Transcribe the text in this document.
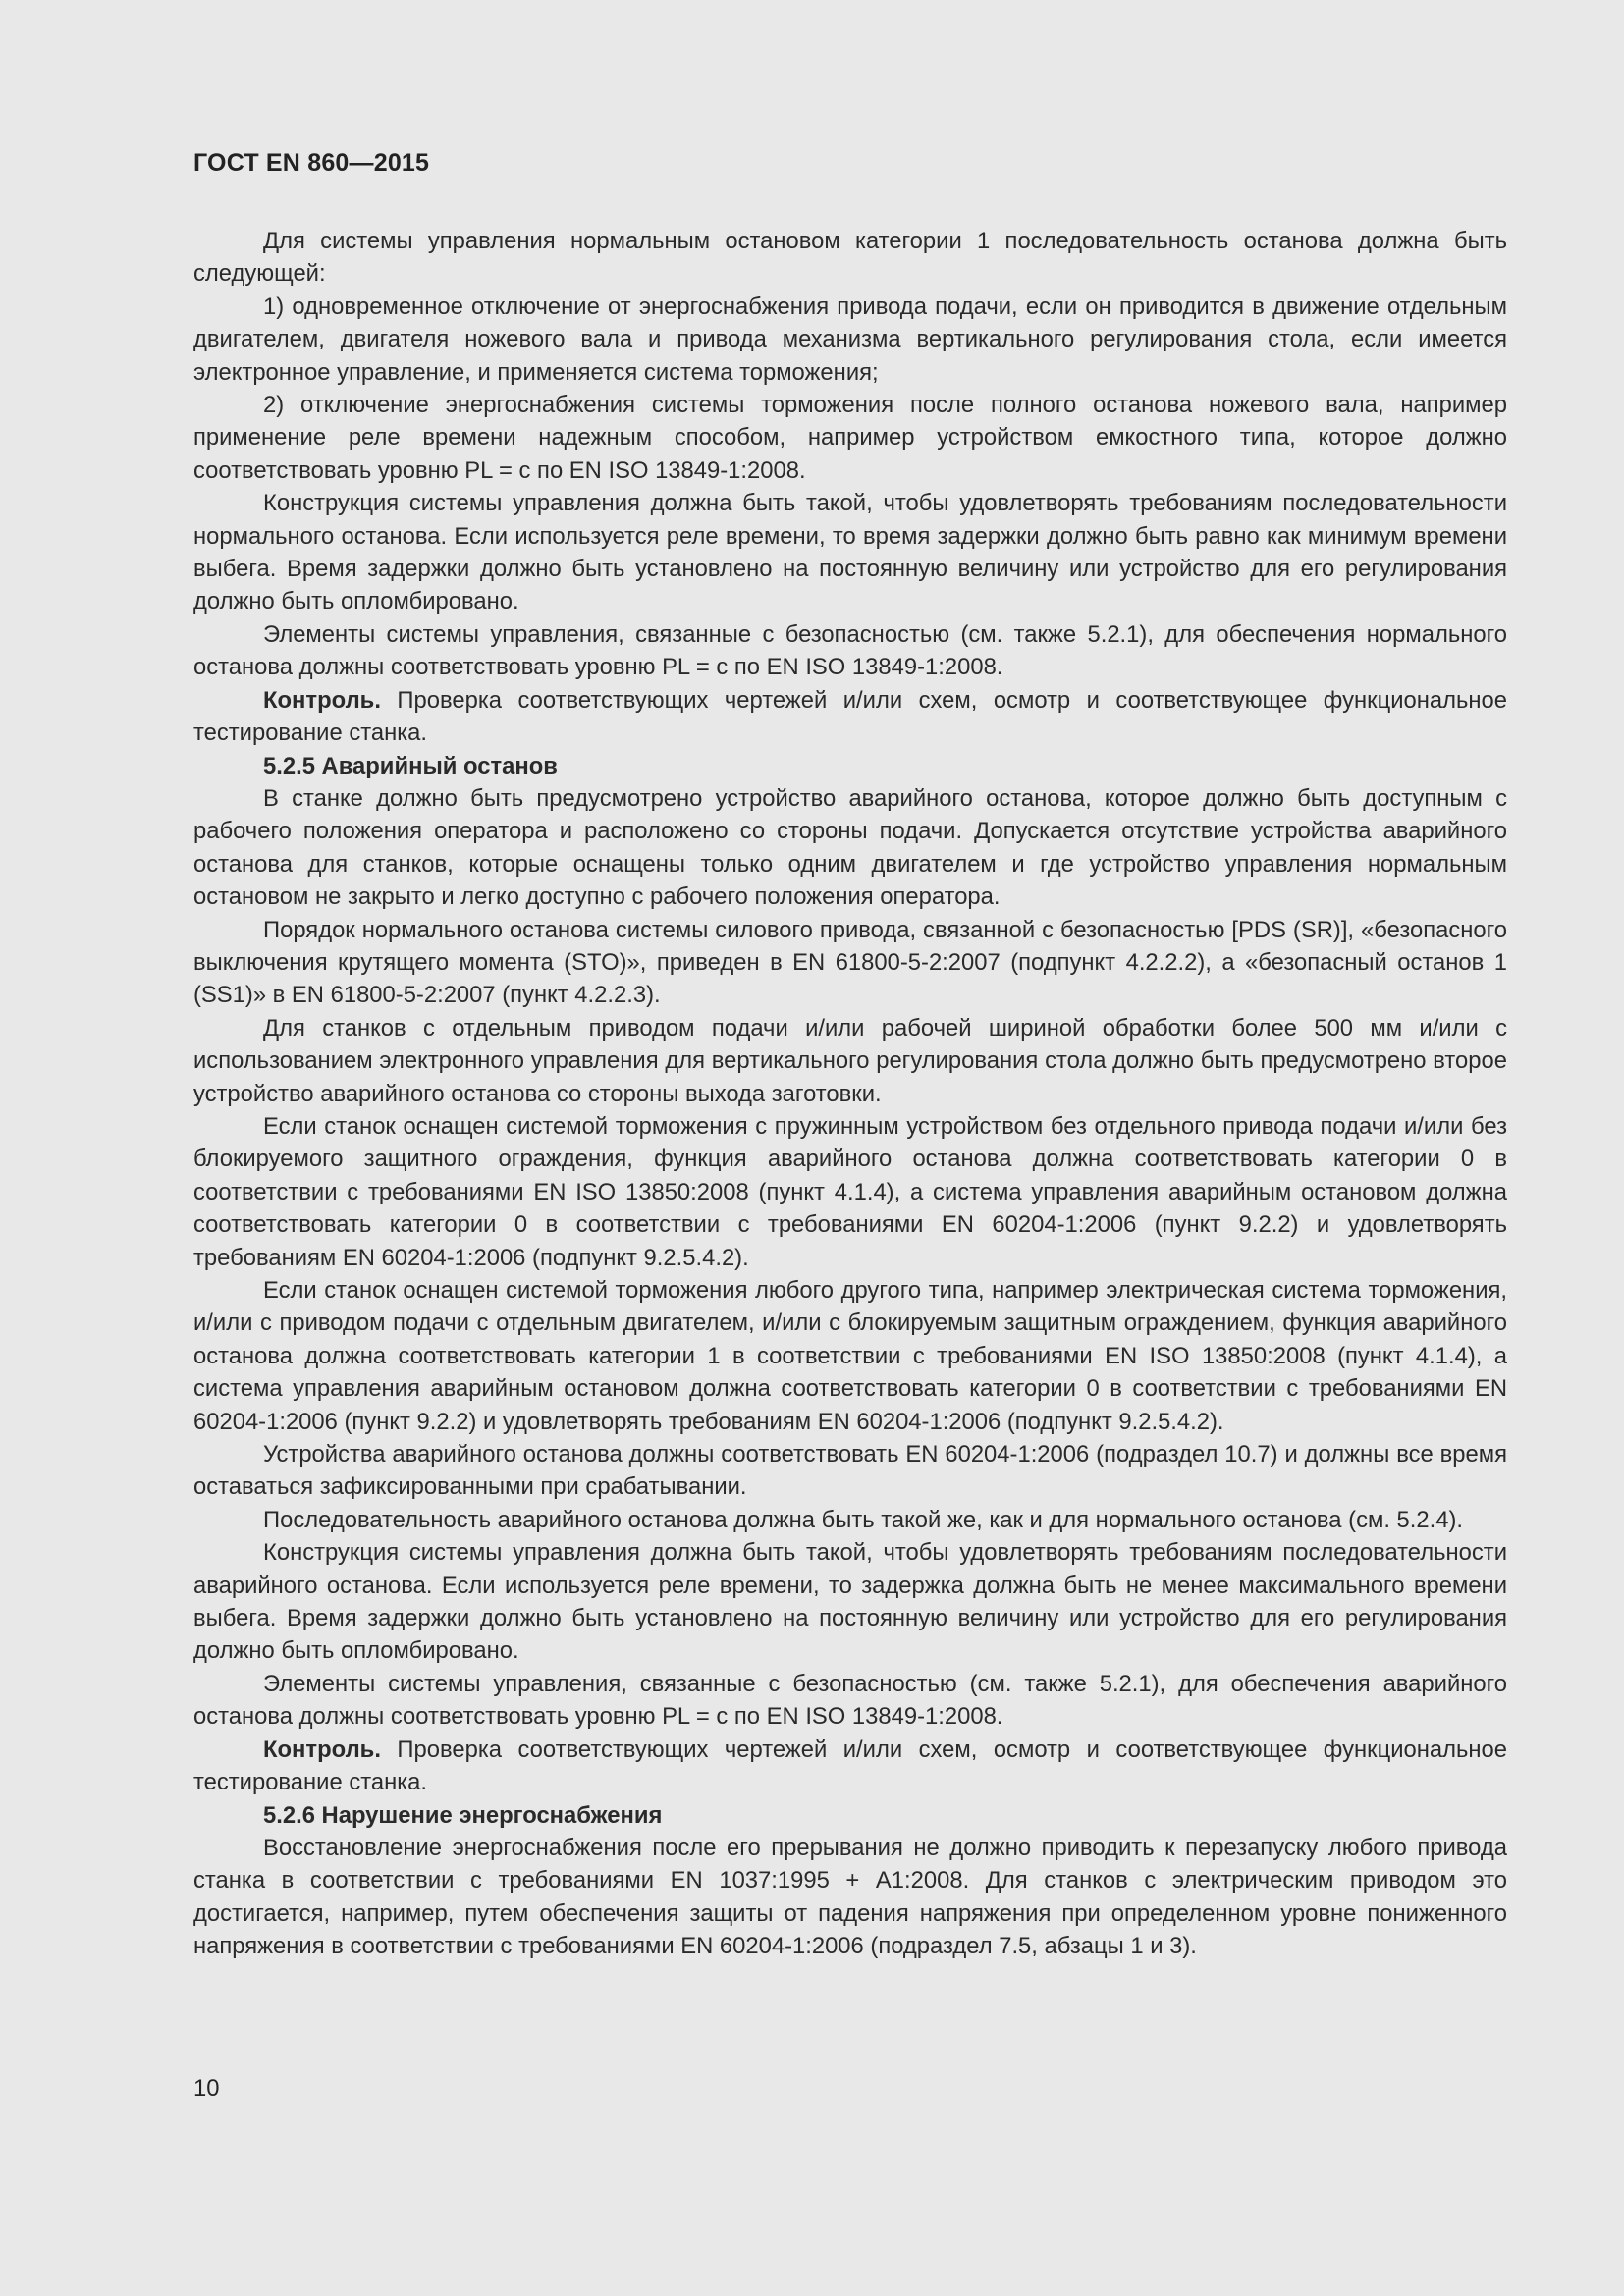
ГОСТ EN 860—2015

Для системы управления нормальным остановом категории 1 последовательность останова должна быть следующей:

1) одновременное отключение от энергоснабжения привода подачи, если он приводится в движение отдельным двигателем, двигателя ножевого вала и привода механизма вертикального регулирования стола, если имеется электронное управление, и применяется система торможения;

2) отключение энергоснабжения системы торможения после полного останова ножевого вала, например применение реле времени надежным способом, например устройством емкостного типа, которое должно соответствовать уровню PL = с по EN ISO 13849-1:2008.

Конструкция системы управления должна быть такой, чтобы удовлетворять требованиям последовательности нормального останова. Если используется реле времени, то время задержки должно быть равно как минимум времени выбега. Время задержки должно быть установлено на постоянную величину или устройство для его регулирования должно быть опломбировано.

Элементы системы управления, связанные с безопасностью (см. также 5.2.1), для обеспечения нормального останова должны соответствовать уровню PL = с по EN ISO 13849-1:2008.

Контроль. Проверка соответствующих чертежей и/или схем, осмотр и соответствующее функциональное тестирование станка.

5.2.5 Аварийный останов

В станке должно быть предусмотрено устройство аварийного останова, которое должно быть доступным с рабочего положения оператора и расположено со стороны подачи. Допускается отсутствие устройства аварийного останова для станков, которые оснащены только одним двигателем и где устройство управления нормальным остановом не закрыто и легко доступно с рабочего положения оператора.

Порядок нормального останова системы силового привода, связанной с безопасностью [PDS (SR)], «безопасного выключения крутящего момента (STO)», приведен в EN 61800-5-2:2007 (подпункт 4.2.2.2), а «безопасный останов 1 (SS1)» в EN 61800-5-2:2007 (пункт 4.2.2.3).

Для станков с отдельным приводом подачи и/или рабочей шириной обработки более 500 мм и/или с использованием электронного управления для вертикального регулирования стола должно быть предусмотрено второе устройство аварийного останова со стороны выхода заготовки.

Если станок оснащен системой торможения с пружинным устройством без отдельного привода подачи и/или без блокируемого защитного ограждения, функция аварийного останова должна соответствовать категории 0 в соответствии с требованиями EN ISO 13850:2008 (пункт 4.1.4), а система управления аварийным остановом должна соответствовать категории 0 в соответствии с требованиями EN 60204-1:2006 (пункт 9.2.2) и удовлетворять требованиям EN 60204-1:2006 (подпункт 9.2.5.4.2).

Если станок оснащен системой торможения любого другого типа, например электрическая система торможения, и/или с приводом подачи с отдельным двигателем, и/или с блокируемым защитным ограждением, функция аварийного останова должна соответствовать категории 1 в соответствии с требованиями EN ISO 13850:2008 (пункт 4.1.4), а система управления аварийным остановом должна соответствовать категории 0 в соответствии с требованиями EN 60204-1:2006 (пункт 9.2.2) и удовлетворять требованиям EN 60204-1:2006 (подпункт 9.2.5.4.2).

Устройства аварийного останова должны соответствовать EN 60204-1:2006 (подраздел 10.7) и должны все время оставаться зафиксированными при срабатывании.

Последовательность аварийного останова должна быть такой же, как и для нормального останова (см. 5.2.4).

Конструкция системы управления должна быть такой, чтобы удовлетворять требованиям последовательности аварийного останова. Если используется реле времени, то задержка должна быть не менее максимального времени выбега. Время задержки должно быть установлено на постоянную величину или устройство для его регулирования должно быть опломбировано.

Элементы системы управления, связанные с безопасностью (см. также 5.2.1), для обеспечения аварийного останова должны соответствовать уровню PL = с по EN ISO 13849-1:2008.

Контроль. Проверка соответствующих чертежей и/или схем, осмотр и соответствующее функциональное тестирование станка.

5.2.6 Нарушение энергоснабжения

Восстановление энергоснабжения после его прерывания не должно приводить к перезапуску любого привода станка в соответствии с требованиями EN 1037:1995 + А1:2008. Для станков с электрическим приводом это достигается, например, путем обеспечения защиты от падения напряжения при определенном уровне пониженного напряжения в соответствии с требованиями EN 60204-1:2006 (подраздел 7.5, абзацы 1 и 3).

10
